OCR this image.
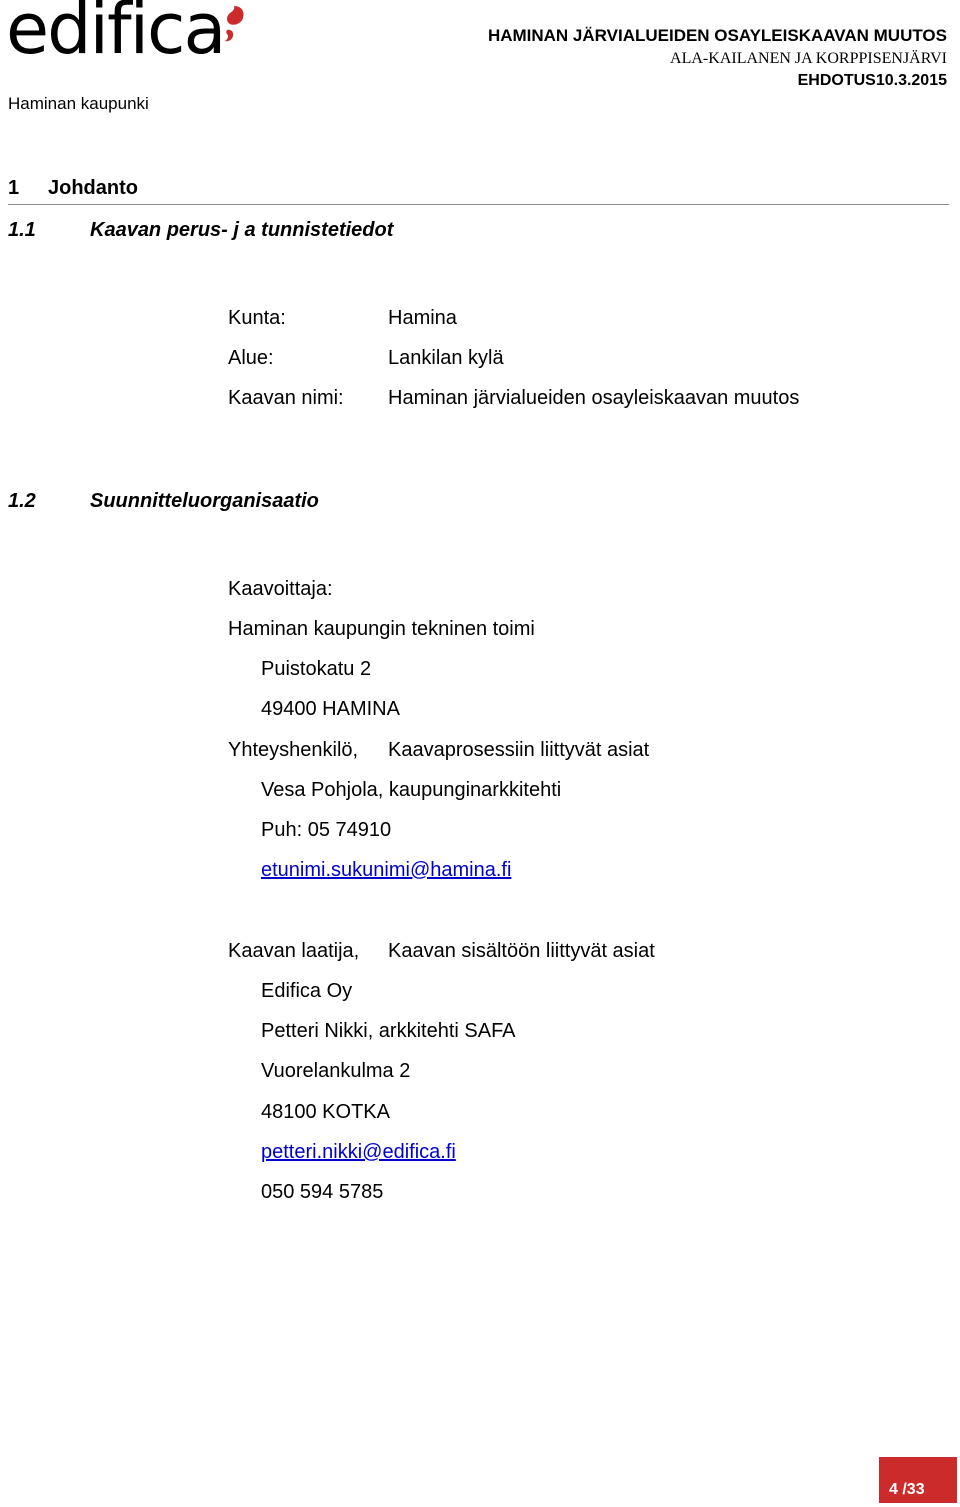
edifica
Haminan kaupunki
HAMINAN JÄRVIALUEIDEN OSAYLEISKAAVAN MUUTOS
ALA-KAILANEN JA KORPPISENJÄRVI
EHDOTUS10.3.2015
1 Johdanto
1.1	Kaavan perus- j a tunnistetiedot
Kunta:	Hamina
Alue:	Lankilan kylä
Kaavan nimi: Haminan järvialueiden osayleiskaavan muutos
1.2	Suunnitteluorganisaatio
Kaavoittaja:
Haminan kaupungin tekninen toimi
Puistokatu 2
49400 HAMINA
Yhteyshenkilö, Kaavaprosessiin liittyvät asiat
Vesa Pohjola, kaupunginarkkitehti
Puh: 05 74910
etunimi.sukunimi@hamina.fi
Kaavan laatija, Kaavan sisältöön liittyvät asiat
Edifica Oy
Petteri Nikki, arkkitehti SAFA
Vuorelankulma 2
48100 KOTKA
petteri.nikki@edifica.fi
050 594 5785
4 /33
